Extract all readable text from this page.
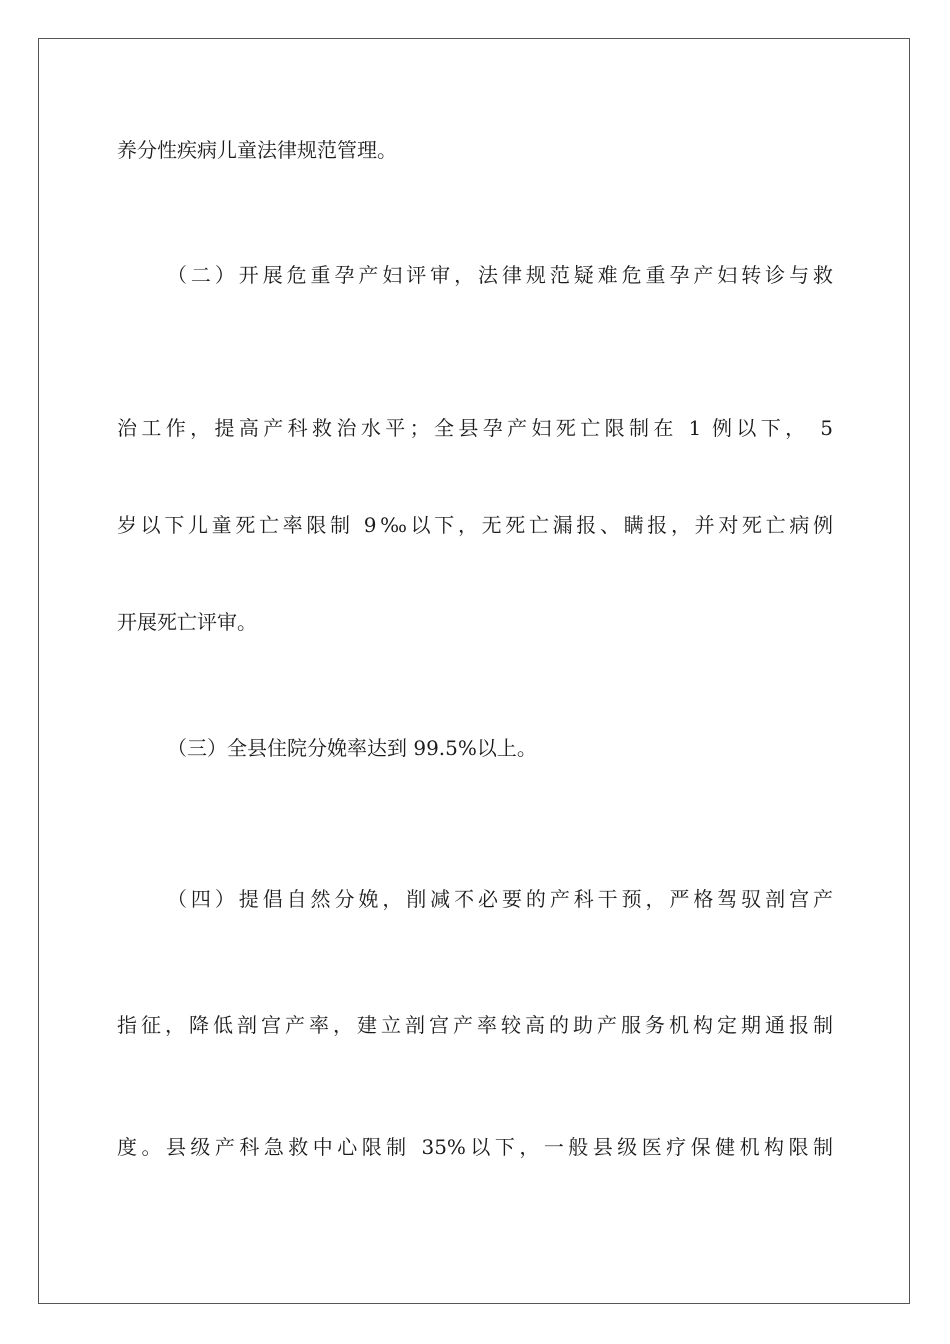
养分性疾病儿童法律规范管理。
（二）开展危重孕产妇评审，法律规范疑难危重孕产妇转诊与救
治工作，提高产科救治水平；全县孕产妇死亡限制在 1 例以下， 5
岁以下儿童死亡率限制 9‰以下，无死亡漏报、瞒报，并对死亡病例
开展死亡评审。
（三）全县住院分娩率达到 99.5%以上。
（四）提倡自然分娩，削减不必要的产科干预，严格驾驭剖宫产
指征，降低剖宫产率，建立剖宫产率较高的助产服务机构定期通报制
度。县级产科急救中心限制 35%以下，一般县级医疗保健机构限制
